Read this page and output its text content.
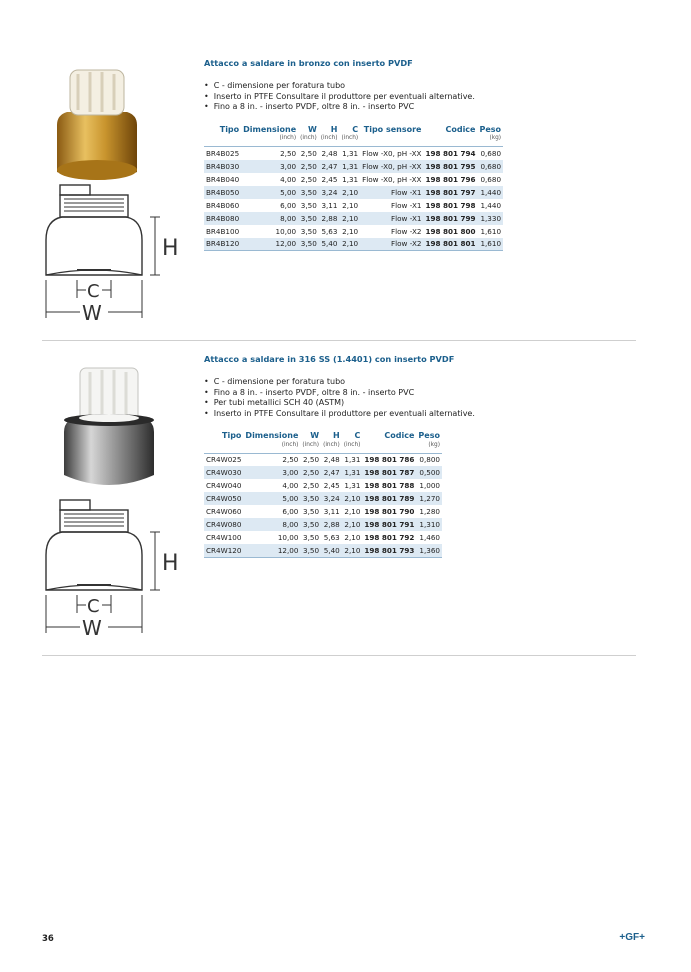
H
C
W
Attacco a saldare in bronzo con inserto PVDF
• C - dimensione per foratura tubo
• Inserto in PTFE Consultare il produttore per eventuali alternative.
• Fino a 8 in. - inserto PVDF, oltre 8 in. - inserto PVC
Tipo	Dimensione	W	H	C	Tipo sensore	Codice	Peso
	(inch)	(inch)	(inch)	(inch)			(kg)
BR4B025	2,50	2,50	2,48	1,31	Flow -X0, pH -XX	198 801 794	0,680
BR4B030	3,00	2,50	2,47	1,31	Flow -X0, pH -XX	198 801 795	0,680
BR4B040	4,00	2,50	2,45	1,31	Flow -X0, pH -XX	198 801 796	0,680
BR4B050	5,00	3,50	3,24	2,10	Flow -X1	198 801 797	1,440
BR4B060	6,00	3,50	3,11	2,10	Flow -X1	198 801 798	1,440
BR4B080	8,00	3,50	2,88	2,10	Flow -X1	198 801 799	1,330
BR4B100	10,00	3,50	5,63	2,10	Flow -X2	198 801 800	1,610
BR4B120	12,00	3,50	5,40	2,10	Flow -X2	198 801 801	1,610
H
C
W
Attacco a saldare in 316 SS (1.4401) con inserto PVDF
• C - dimensione per foratura tubo
• Fino a 8 in. - inserto PVDF, oltre 8 in. - inserto PVC
• Per tubi metallici SCH 40 (ASTM)
• Inserto in PTFE Consultare il produttore per eventuali alternative.
Tipo	Dimensione	W	H	C	Codice	Peso
	(inch)	(inch)	(inch)	(inch)		(kg)
CR4W025	2,50	2,50	2,48	1,31	198 801 786	0,800
CR4W030	3,00	2,50	2,47	1,31	198 801 787	0,500
CR4W040	4,00	2,50	2,45	1,31	198 801 788	1,000
CR4W050	5,00	3,50	3,24	2,10	198 801 789	1,270
CR4W060	6,00	3,50	3,11	2,10	198 801 790	1,280
CR4W080	8,00	3,50	2,88	2,10	198 801 791	1,310
CR4W100	10,00	3,50	5,63	2,10	198 801 792	1,460
CR4W120	12,00	3,50	5,40	2,10	198 801 793	1,360
36	+GF+
